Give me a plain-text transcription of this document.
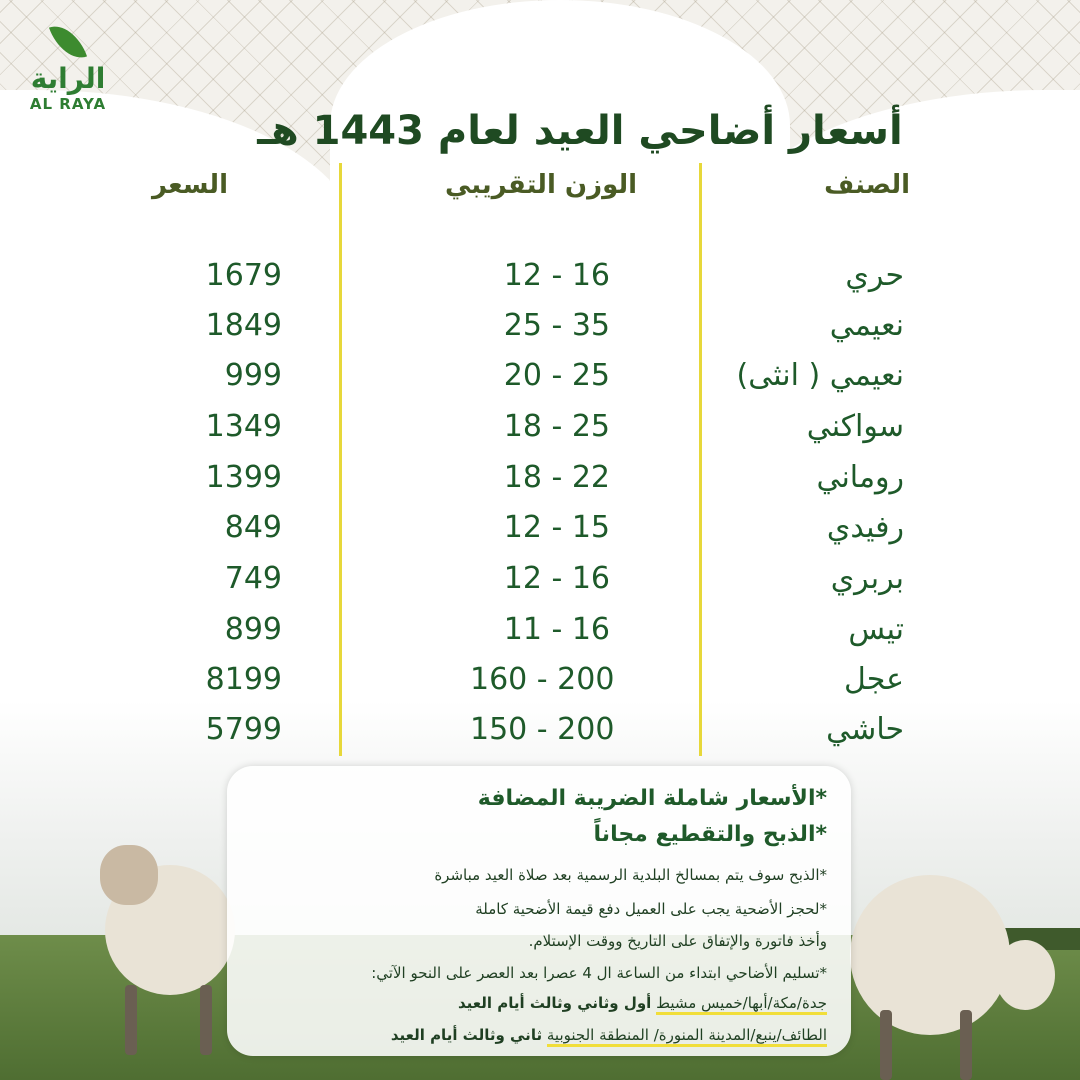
الراية
AL RAYA
أسعار أضاحي العيد لعام 1443 هـ
الصنف
الوزن التقريبي
السعر
حري
12 - 16
1679
نعيمي
25 - 35
1849
نعيمي ( انثى)
20 - 25
999
سواكني
18 - 25
1349
روماني
18 - 22
1399
رفيدي
12 - 15
849
بربري
12 - 16
749
تيس
11 - 16
899
عجل
160 - 200
8199
حاشي
150 - 200
5799
*الأسعار شاملة الضريبة المضافة
*الذبح والتقطيع مجاناً
*الذبح سوف يتم بمسالخ البلدية الرسمية بعد صلاة العيد مباشرة
*لحجز الأضحية يجب على العميل دفع قيمة الأضحية كاملة
وأخذ فاتورة والإتفاق على التاريخ ووقت الإستلام.
*تسليم الأضاحي ابتداء من الساعة ال 4 عصرا بعد العصر على النحو الآتي:
جدة/مكة/أبها/خميس مشيط أول وثاني وثالث أيام العيد
الطائف/ينبع/المدينة المنورة/ المنطقة الجنوبية ثاني وثالث أيام العيد
